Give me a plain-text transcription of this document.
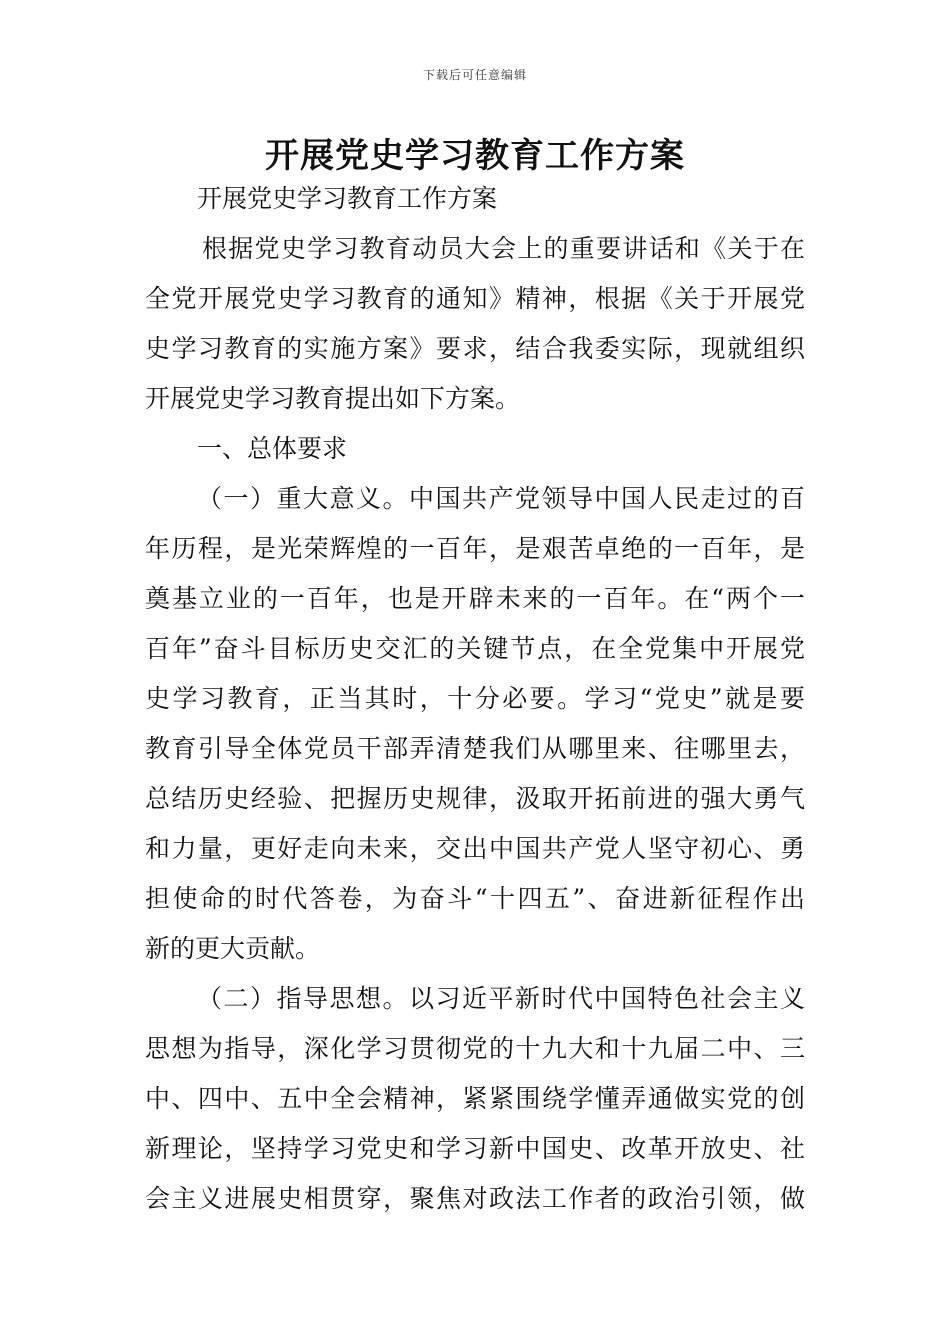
下载后可任意编辑
开展党史学习教育工作方案
开展党史学习教育工作方案
根据党史学习教育动员大会上的重要讲话和《关于在
全党开展党史学习教育的通知》精神，根据《关于开展党
史学习教育的实施方案》要求，结合我委实际，现就组织
开展党史学习教育提出如下方案。
一、总体要求
（一）重大意义。中国共产党领导中国人民走过的百
年历程，是光荣辉煌的一百年，是艰苦卓绝的一百年，是
奠基立业的一百年，也是开辟未来的一百年。在“两个一
百年”奋斗目标历史交汇的关键节点，在全党集中开展党
史学习教育，正当其时，十分必要。学习“党史”就是要
教育引导全体党员干部弄清楚我们从哪里来、往哪里去，
总结历史经验、把握历史规律，汲取开拓前进的强大勇气
和力量，更好走向未来，交出中国共产党人坚守初心、勇
担使命的时代答卷，为奋斗“十四五”、奋进新征程作出
新的更大贡献。
（二）指导思想。以习近平新时代中国特色社会主义
思想为指导，深化学习贯彻党的十九大和十九届二中、三
中、四中、五中全会精神，紧紧围绕学懂弄通做实党的创
新理论，坚持学习党史和学习新中国史、改革开放史、社
会主义进展史相贯穿，聚焦对政法工作者的政治引领，做
